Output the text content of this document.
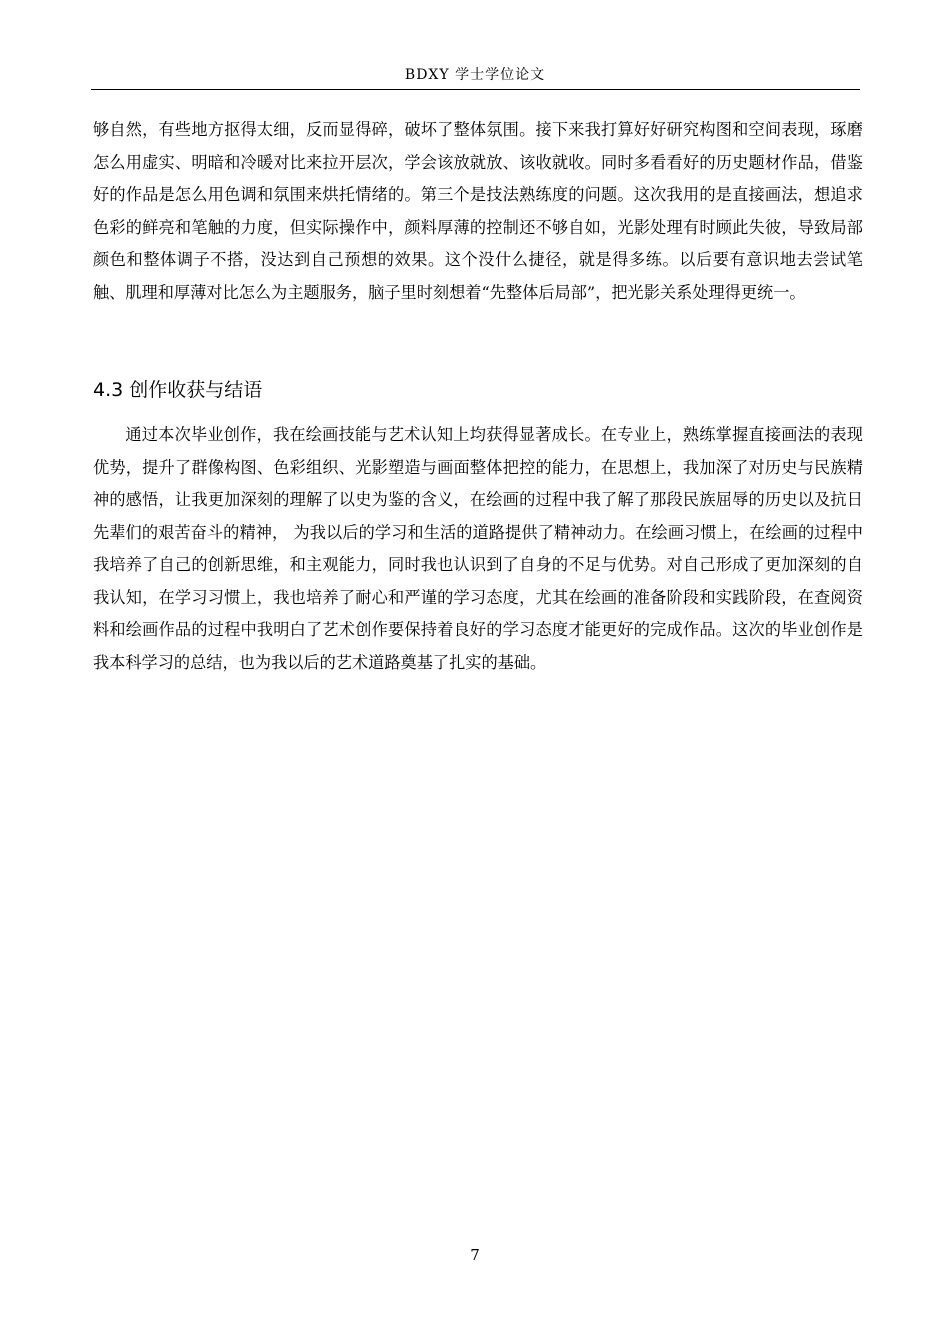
BDXY 学士学位论文

够自然，有些地方抠得太细，反而显得碎，破坏了整体氛围。接下来我打算好好研究构图和空间表现，琢磨怎么用虚实、明暗和冷暖对比来拉开层次，学会该放就放、该收就收。同时多看看好的历史题材作品，借鉴好的作品是怎么用色调和氛围来烘托情绪的。第三个是技法熟练度的问题。这次我用的是直接画法，想追求色彩的鲜亮和笔触的力度，但实际操作中，颜料厚薄的控制还不够自如，光影处理有时顾此失彼，导致局部颜色和整体调子不搭，没达到自己预想的效果。这个没什么捷径，就是得多练。以后要有意识地去尝试笔触、肌理和厚薄对比怎么为主题服务，脑子里时刻想着“先整体后局部”，把光影关系处理得更统一。

4.3 创作收获与结语

通过本次毕业创作，我在绘画技能与艺术认知上均获得显著成长。在专业上，熟练掌握直接画法的表现优势，提升了群像构图、色彩组织、光影塑造与画面整体把控的能力，在思想上，我加深了对历史与民族精神的感悟，让我更加深刻的理解了以史为鉴的含义，在绘画的过程中我了解了那段民族屈辱的历史以及抗日先辈们的艰苦奋斗的精神， 为我以后的学习和生活的道路提供了精神动力。在绘画习惯上，在绘画的过程中我培养了自己的创新思维，和主观能力，同时我也认识到了自身的不足与优势。对自己形成了更加深刻的自我认知，在学习习惯上，我也培养了耐心和严谨的学习态度，尤其在绘画的准备阶段和实践阶段，在查阅资料和绘画作品的过程中我明白了艺术创作要保持着良好的学习态度才能更好的完成作品。这次的毕业创作是我本科学习的总结，也为我以后的艺术道路奠基了扎实的基础。

7
